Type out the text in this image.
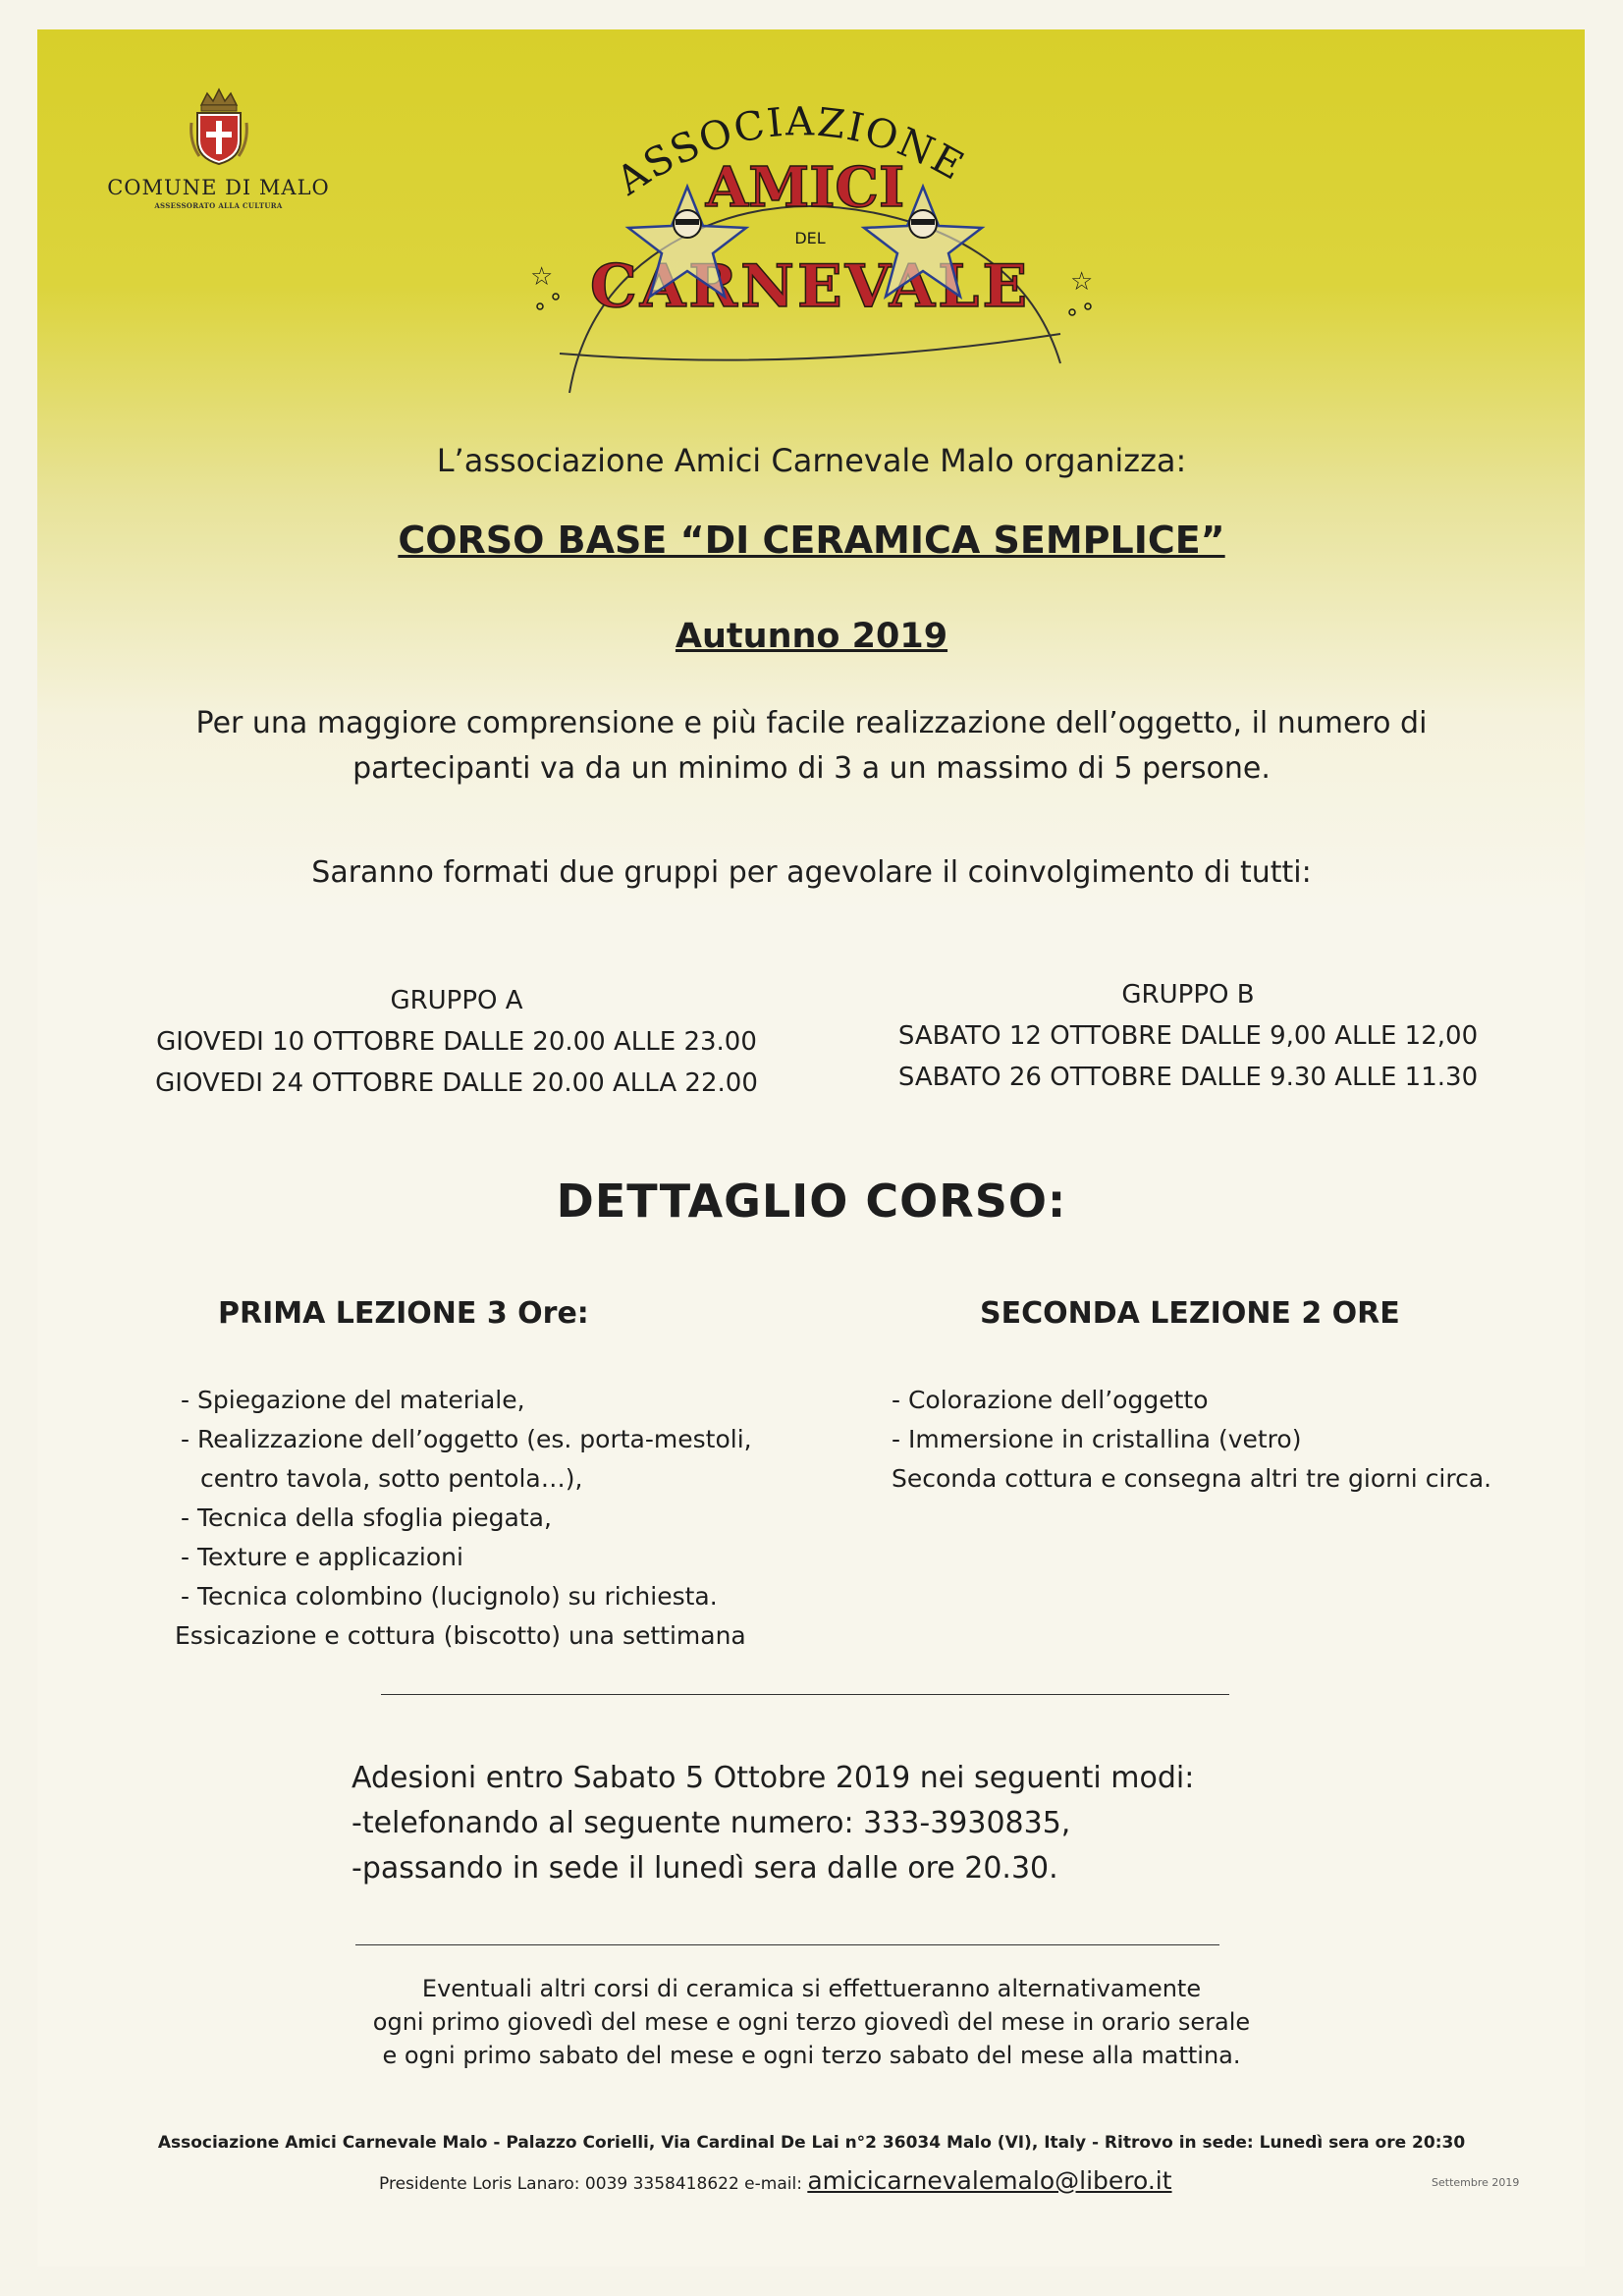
COMUNE DI MALO
ASSESSORATO ALLA CULTURA
ASSOCIAZIONE
AMICI
DEL
CARNEVALE
☆	☆
L’associazione Amici Carnevale Malo organizza:
CORSO BASE “DI CERAMICA SEMPLICE”
Autunno 2019
Per una maggiore comprensione e più facile realizzazione dell’oggetto, il numero di
partecipanti va da un minimo di 3 a un massimo di 5 persone.
Saranno formati due gruppi per agevolare il coinvolgimento di tutti:
GRUPPO A
GIOVEDI 10 OTTOBRE DALLE 20.00 ALLE 23.00
GIOVEDI 24 OTTOBRE DALLE 20.00 ALLA 22.00
GRUPPO B
SABATO 12 OTTOBRE DALLE 9,00 ALLE 12,00
SABATO 26 OTTOBRE DALLE 9.30 ALLE 11.30
DETTAGLIO CORSO:
PRIMA LEZIONE 3 Ore:	SECONDA LEZIONE 2 ORE
- Spiegazione del materiale,
- Realizzazione dell’oggetto (es. porta-mestoli,
centro tavola, sotto pentola…),
- Tecnica della sfoglia piegata,
- Texture e applicazioni
- Tecnica colombino (lucignolo) su richiesta.
Essicazione e cottura (biscotto) una settimana
- Colorazione dell’oggetto
- Immersione in cristallina (vetro)
Seconda cottura e consegna altri tre giorni circa.
Adesioni entro Sabato 5 Ottobre 2019 nei seguenti modi:
-telefonando al seguente numero: 333-3930835,
-passando in sede il lunedì sera dalle ore 20.30.
Eventuali altri corsi di ceramica si effettueranno alternativamente
ogni primo giovedì del mese e ogni terzo giovedì del mese in orario serale
e ogni primo sabato del mese e ogni terzo sabato del mese alla mattina.
Associazione Amici Carnevale Malo - Palazzo Corielli, Via Cardinal De Lai n°2 36034 Malo (VI), Italy - Ritrovo in sede: Lunedì sera ore 20:30
Presidente Loris Lanaro: 0039 3358418622 e-mail: amicicarnevalemalo@libero.it	Settembre 2019
